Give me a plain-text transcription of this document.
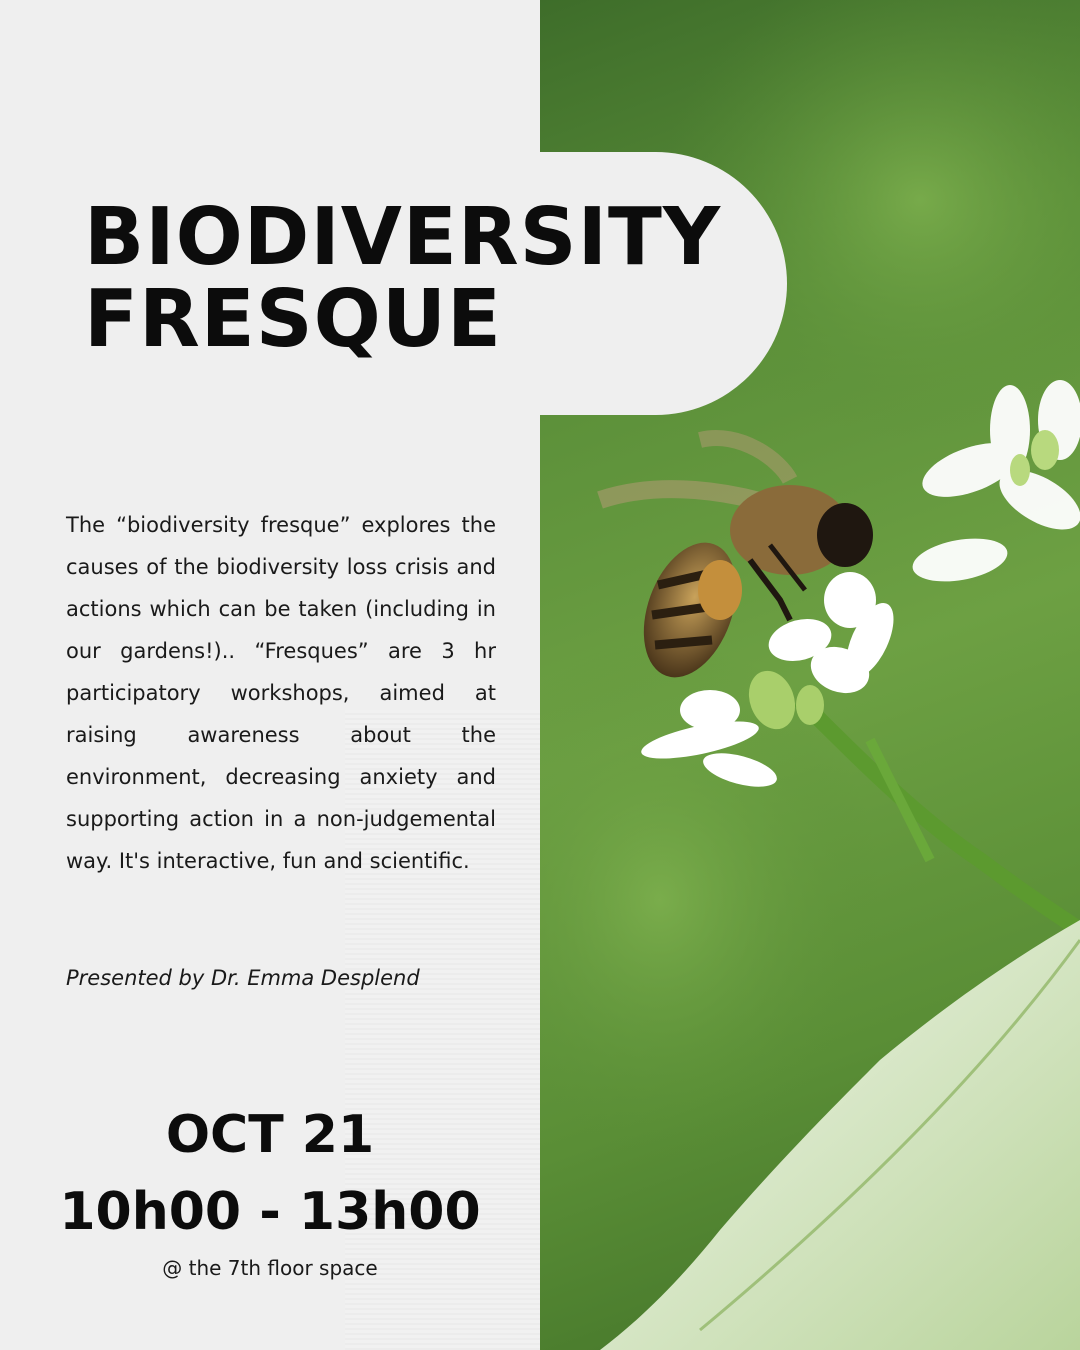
BIODIVERSITY
FRESQUE

The “biodiversity fresque” explores the causes of the biodiversity loss crisis and actions which can be taken (including in our gardens!).. “Fresques” are 3 hr participatory workshops, aimed at raising awareness about the environment, decreasing anxiety and supporting action in a non-judgemental way. It's interactive, fun and scientific.

Presented by Dr. Emma Desplend

OCT 21
10h00 - 13h00
@ the 7th floor space
